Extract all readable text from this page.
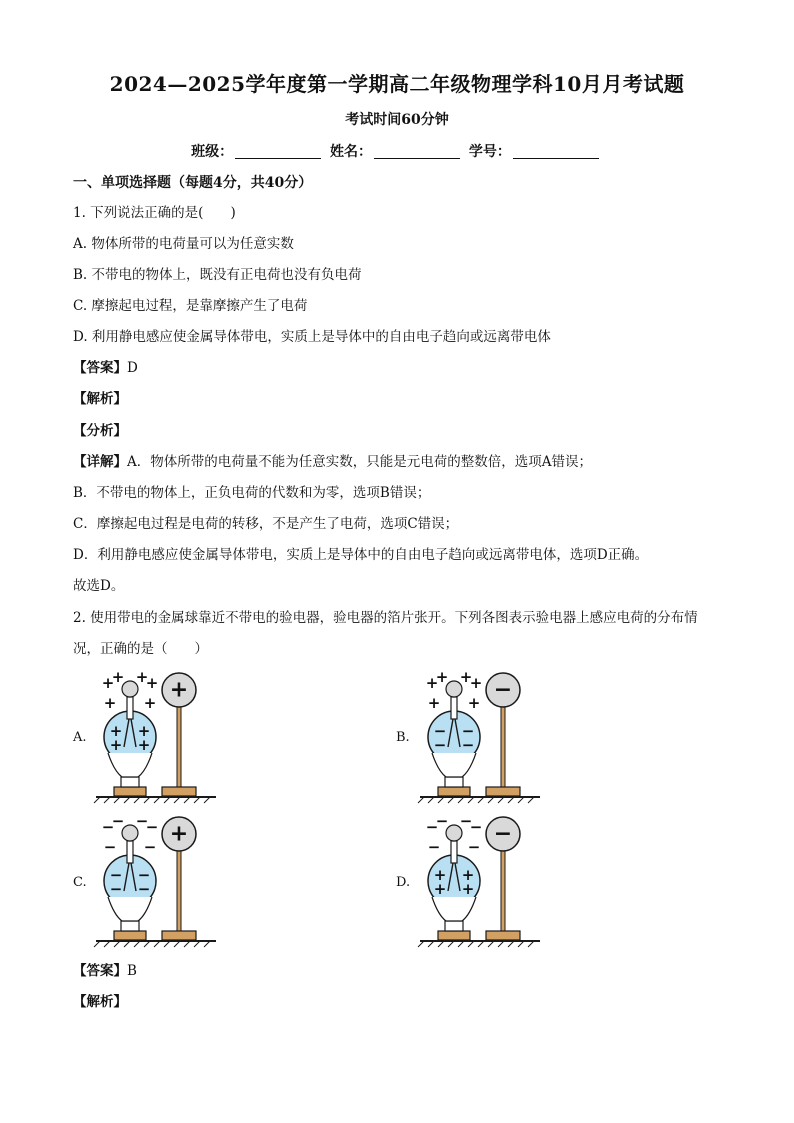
2024—2025学年度第一学期高二年级物理学科10月月考试题
考试时间60分钟
班级：	姓名：	学号：
一、单项选择题（每题4分，共40分）
1. 下列说法正确的是(　　)
A. 物体所带的电荷量可以为任意实数
B. 不带电的物体上，既没有正电荷也没有负电荷
C. 摩擦起电过程，是靠摩擦产生了电荷
D. 利用静电感应使金属导体带电，实质上是导体中的自由电子趋向或远离带电体
【答案】D
【解析】
【分析】
【详解】A．物体所带的电荷量不能为任意实数，只能是元电荷的整数倍，选项A错误；
B．不带电的物体上，正负电荷的代数和为零，选项B错误；
C．摩擦起电过程是电荷的转移，不是产生了电荷，选项C错误；
D．利用静电感应使金属导体带电，实质上是导体中的自由电子趋向或远离带电体，选项D正确。
故选D。
2. 使用带电的金属球靠近不带电的验电器，验电器的箔片张开。下列各图表示验电器上感应电荷的分布情况，正确的是（　　）
A.
+
+ +
+
+ +
+
+
+
+
+
B.
+
+ +
+
+ +
−
−
−
−
−
C.
−
− −
−
− −
−
−
−
−
+
D.
−
− −
−
− −
+
+
+
+
−
【答案】B
【解析】
